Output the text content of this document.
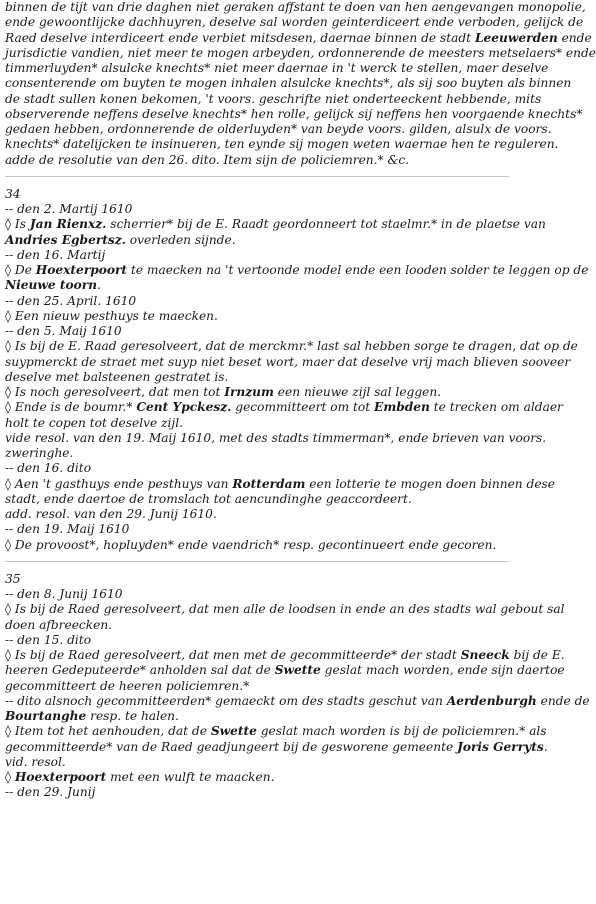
binnen de tijt van drie daghen niet geraken affstant te doen van hen aengevangen monopolie,

ende gewoontlijcke dachhuyren, deselve sal worden geinterdiceert ende verboden, gelijck de

Raed deselve interdiceert ende verbiet mitsdesen, daernae binnen de stadt Leeuwerden ende

jurisdictie vandien, niet meer te mogen arbeyden, ordonnerende de meesters metselaers* ende

timmerluyden* alsulcke knechts* niet meer daernae in 't werck te stellen, maer deselve

consenterende om buyten te mogen inhalen alsulcke knechts*, als sij soo buyten als binnen

de stadt sullen konen bekomen, 't voors. geschrifte niet onderteeckent hebbende, mits

observerende neffens deselve knechts* hen rolle, gelijck sij neffens hen voorgaende knechts*

gedaen hebben, ordonnerende de olderluyden* van beyde voors. gilden, alsulx de voors.

knechts* datelijcken te insinueren, ten eynde sij mogen weten waernae hen te reguleren.

adde de resolutie van den 26. dito. Item sijn de policiemren.* &c.

34

-- den 2. Martij 1610

◊ Is Jan Rienxz. scherrier* bij de E. Raadt geordonneert tot staelmr.* in de plaetse van

Andries Egbertsz. overleden sijnde.

-- den 16. Martij

◊ De Hoexterpoort te maecken na 't vertoonde model ende een looden solder te leggen op de

Nieuwe toorn.

-- den 25. April. 1610

◊ Een nieuw pesthuys te maecken.

-- den 5. Maij 1610

◊ Is bij de E. Raad geresolveert, dat de merckmr.* last sal hebben sorge te dragen, dat op de

suypmerckt de straet met suyp niet beset wort, maer dat deselve vrij mach blieven sooveer

deselve met balsteenen gestratet is.

◊ Is noch geresolveert, dat men tot Irnzum een nieuwe zijl sal leggen.

◊ Ende is de boumr.* Cent Ypckesz. gecommitteert om tot Embden te trecken om aldaer

holt te copen tot deselve zijl.

vide resol. van den 19. Maij 1610, met des stadts timmerman*, ende brieven van voors.

zweringhe.

-- den 16. dito

◊ Aen 't gasthuys ende pesthuys van Rotterdam een lotterie te mogen doen binnen dese

stadt, ende daertoe de tromslach tot aencundinghe geaccordeert.

add. resol. van den 29. Junij 1610.

-- den 19. Maij 1610

◊ De provoost*, hopluyden* ende vaendrich* resp. gecontinueert ende gecoren.

35

-- den 8. Junij 1610

◊ Is bij de Raed geresolveert, dat men alle de loodsen in ende an des stadts wal gebout sal

doen afbreecken.

-- den 15. dito

◊ Is bij de Raed geresolveert, dat men met de gecommitteerde* der stadt Sneeck bij de E.

heeren Gedeputeerde* anholden sal dat de Swette geslat mach worden, ende sijn daertoe

gecommitteert de heeren policiemren.*

-- dito alsnoch gecommitteerden* gemaeckt om des stadts geschut van Aerdenburgh ende de

Bourtanghe resp. te halen.

◊ Item tot het aenhouden, dat de Swette geslat mach worden is bij de policiemren.* als

gecommitteerde* van de Raed geadjungeert bij de gesworene gemeente Joris Gerryts.

vid. resol.

◊ Hoexterpoort met een wulft te maacken.

-- den 29. Junij
